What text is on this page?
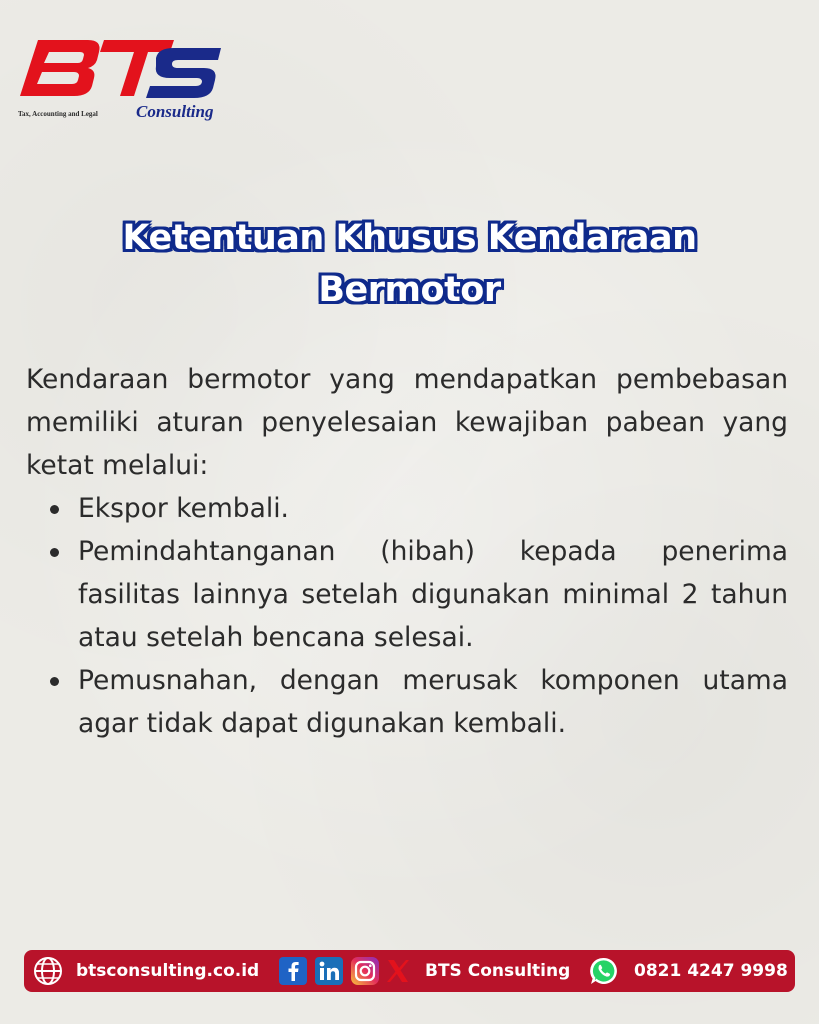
Tax, Accounting and Legal Consulting
Ketentuan Khusus Kendaraan
Bermotor

Kendaraan bermotor yang mendapatkan pembebasan memiliki aturan penyelesaian kewajiban pabean yang ketat melalui:

Ekspor kembali.
Pemindahtanganan (hibah) kepada penerima fasilitas lainnya setelah digunakan minimal 2 tahun atau setelah bencana selesai.
Pemusnahan, dengan merusak komponen utama agar tidak dapat digunakan kembali.
btsconsulting.co.id	BTS Consulting	0821 4247 9998
